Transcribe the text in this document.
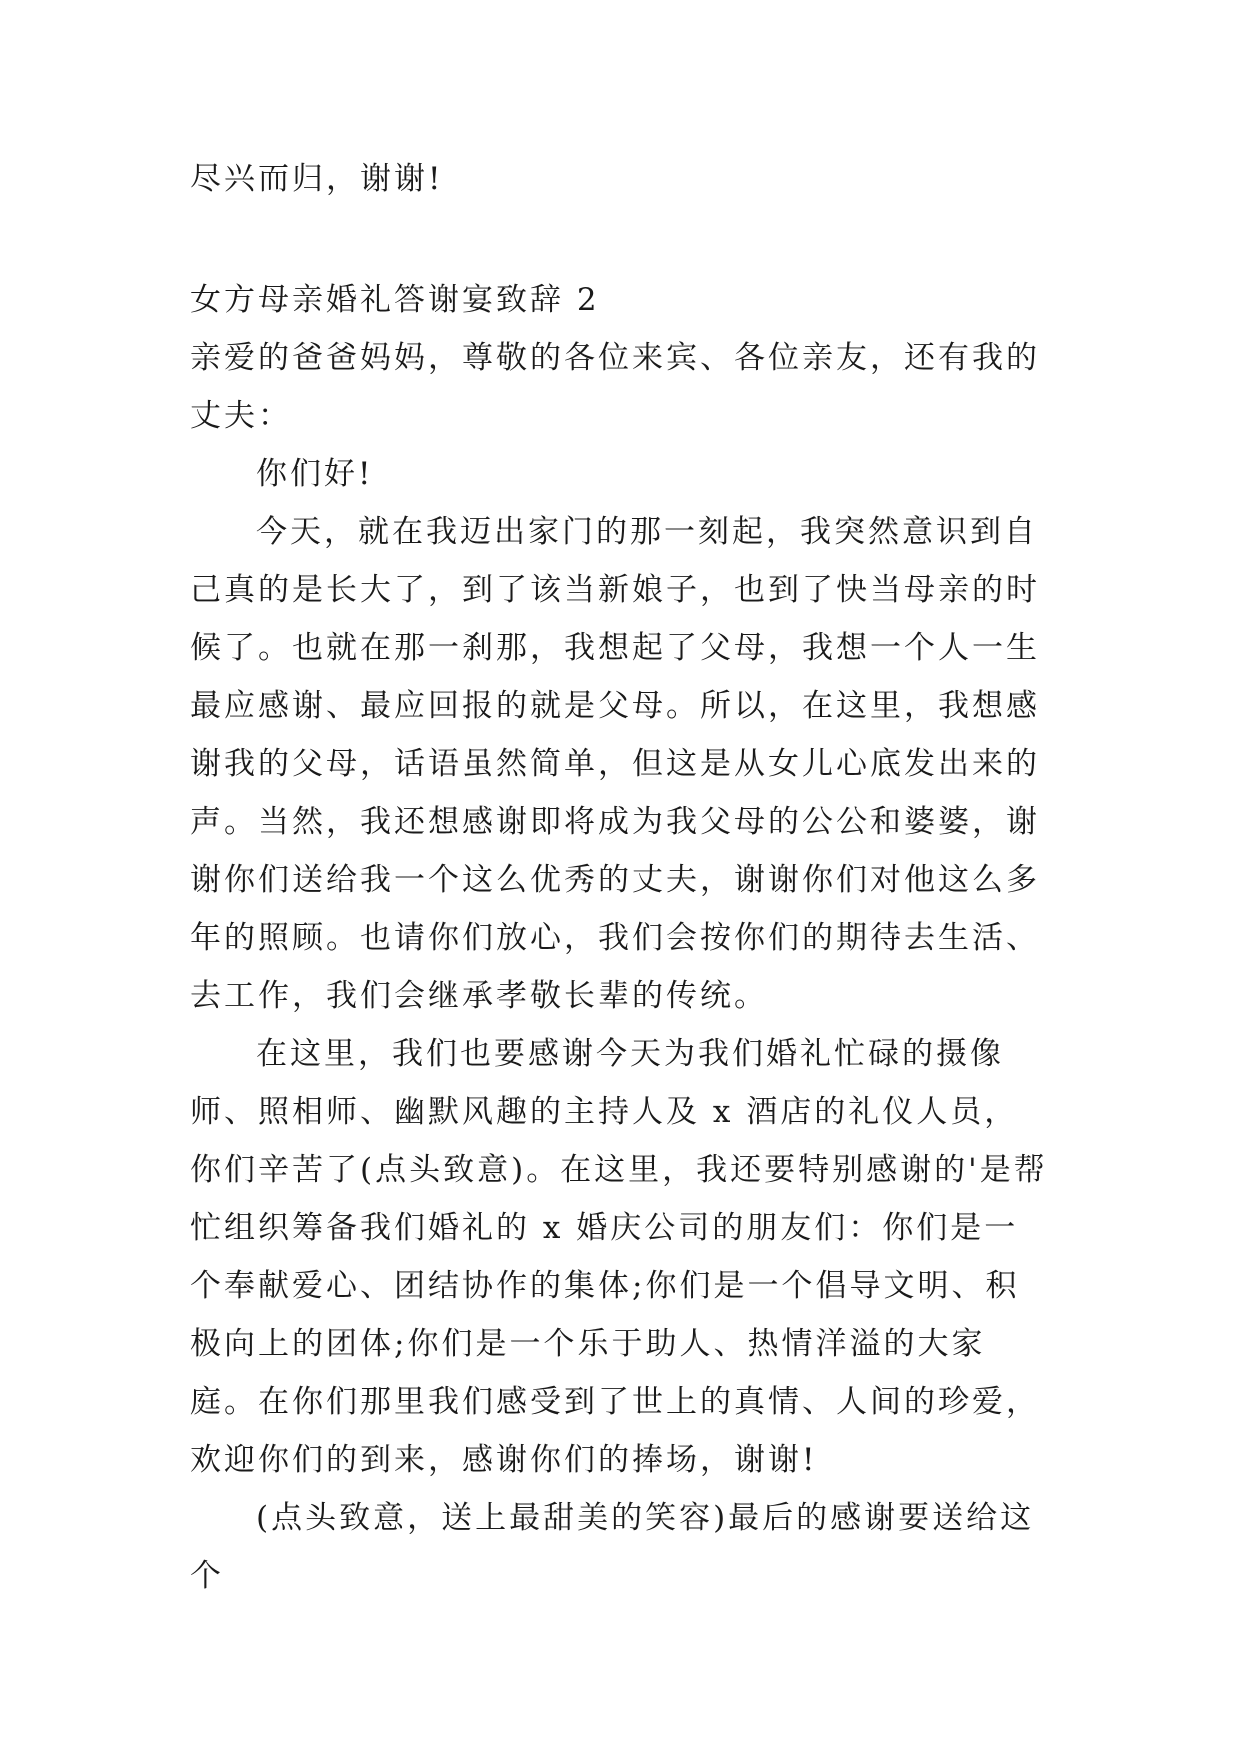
尽兴而归，谢谢!

女方母亲婚礼答谢宴致辞 2

亲爱的爸爸妈妈，尊敬的各位来宾、各位亲友，还有我的丈夫：

你们好!

今天，就在我迈出家门的那一刻起，我突然意识到自己真的是长大了，到了该当新娘子，也到了快当母亲的时候了。也就在那一刹那，我想起了父母，我想一个人一生最应感谢、最应回报的就是父母。所以，在这里，我想感谢我的父母，话语虽然简单，但这是从女儿心底发出来的声。当然，我还想感谢即将成为我父母的公公和婆婆，谢谢你们送给我一个这么优秀的丈夫，谢谢你们对他这么多年的照顾。也请你们放心，我们会按你们的期待去生活、去工作，我们会继承孝敬长辈的传统。

在这里，我们也要感谢今天为我们婚礼忙碌的摄像师、照相师、幽默风趣的主持人及 x 酒店的礼仪人员，你们辛苦了(点头致意)。在这里，我还要特别感谢的'是帮忙组织筹备我们婚礼的 x 婚庆公司的朋友们：你们是一个奉献爱心、团结协作的集体;你们是一个倡导文明、积极向上的团体;你们是一个乐于助人、热情洋溢的大家庭。在你们那里我们感受到了世上的真情、人间的珍爱，欢迎你们的到来，感谢你们的捧场，谢谢!

(点头致意，送上最甜美的笑容)最后的感谢要送给这个
